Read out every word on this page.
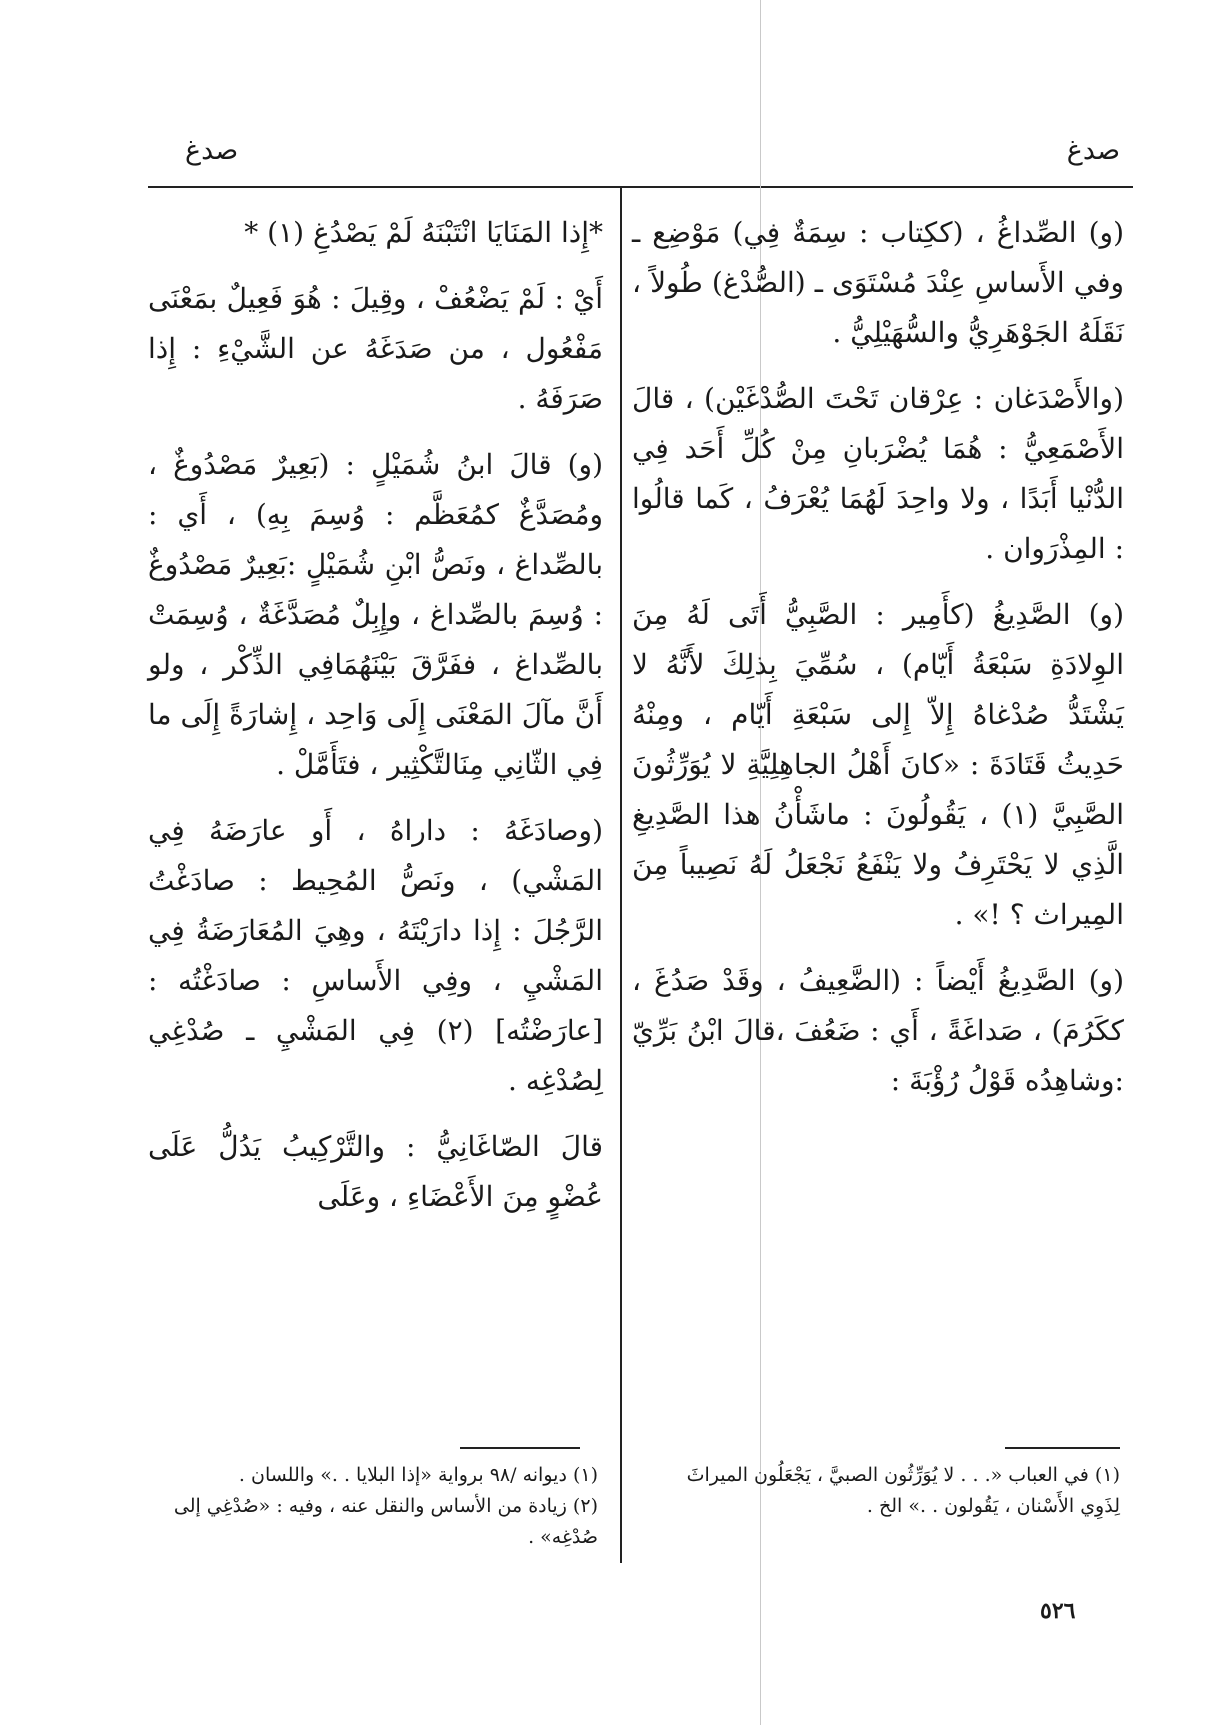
صدغ
صدغ

(و) الصِّداغُ ، (ككِتاب : سِمَةٌ فِي) مَوْضِع ـ وفي الأَساسِ عِنْدَ مُسْتَوَى ـ (الصُّدْغ) طُولاً ، نَقَلَهُ الجَوْهَرِيُّ والسُّهَيْلِيُّ .

(والأَصْدَغان : عِرْقان تَحْتَ الصُّدْغَيْن) ، قالَ الأَصْمَعِيُّ : هُمَا يُضْرَبانِ مِنْ كُلِّ أَحَد فِي الدُّنْيا أَبَدًا ، ولا واحِدَ لَهُمَا يُعْرَفُ ، كَما قالُوا : المِذْرَوان .

(و) الصَّدِيغُ (كأَمِير : الصَّبِيُّ أَتَى لَهُ مِنَ الوِلادَةِ سَبْعَةُ أَيّام) ، سُمِّيَ بِذلِكَ لأَنَّهُ لا يَشْتَدُّ صُدْغاهُ إِلاّ إِلى سَبْعَةِ أَيّام ، ومِنْهُ حَدِيثُ قَتَادَةَ : «كانَ أَهْلُ الجاهِلِيَّةِ لا يُوَرِّثُونَ الصَّبِيَّ (١) ، يَقُولُونَ : ماشَأْنُ هذا الصَّدِيغِ الَّذِي لا يَحْتَرِفُ ولا يَنْفَعُ نَجْعَلُ لَهُ نَصِيباً مِنَ المِيراث ؟ !» .

(و) الصَّدِيغُ أَيْضاً : (الضَّعِيفُ ، وقَدْ صَدُغَ ، ككَرُمَ) ، صَداغَةً ، أَي : ضَعُفَ ،قالَ ابْنُ بَرِّيّ :وشاهِدُه قَوْلُ رُؤْبَةَ :

*إِذا المَنَايَا انْتَبْنَهُ لَمْ يَصْدُغِ (١) *

أَيْ : لَمْ يَضْعُفْ ، وقِيلَ : هُوَ فَعِيلٌ بمَعْنَى مَفْعُول ، من صَدَغَهُ عن الشَّيْءِ : إِذا صَرَفَهُ .

(و) قالَ ابنُ شُمَيْلٍ : (بَعِيرٌ مَصْدُوغٌ ، ومُصَدَّغٌ كمُعَظَّم : وُسِمَ بِهِ) ، أَي : بالصِّداغ ، ونَصُّ ابْنِ شُمَيْلٍ :بَعِيرٌ مَصْدُوغٌ : وُسِمَ بالصِّداغ ، وإِبِلٌ مُصَدَّغَةٌ ، وُسِمَتْ بالصِّداغ ، ففَرَّقَ بَيْنَهُمَافِي الذِّكْر ، ولو أَنَّ مآلَ المَعْنَى إِلَى وَاحِد ، إِشارَةً إِلَى ما فِي الثّانِي مِنَالتَّكْثِير ، فتَأَمَّلْ .

(وصادَغَهُ : داراهُ ، أَو عارَضَهُ فِي المَشْي) ، ونَصُّ المُحِيط : صادَغْتُ الرَّجُلَ : إِذا دارَيْتَهُ ، وهِيَ المُعَارَضَةُ فِي المَشْيِ ، وفِي الأَساسِ : صادَغْتُه : [عارَضْتُه] (٢) فِي المَشْيِ ـ صُدْغِي لِصُدْغِه .

قالَ الصّاغَانِيُّ : والتَّرْكِيبُ يَدُلُّ عَلَى عُضْوٍ مِنَ الأَعْضَاءِ ، وعَلَى

(١) في العباب «. . . لا يُوَرِّثُون الصبيَّ ، يَجْعَلُون الميراثَ لِذَوِي الأَسْنان ، يَقُولون . .» الخ .

(١) ديوانه /٩٨ برواية «إذا البلايا . .» واللسان .

(٢) زيادة من الأساس والنقل عنه ، وفيه : «صُدْغِي إلى صُدْغِه» .

٥٢٦
